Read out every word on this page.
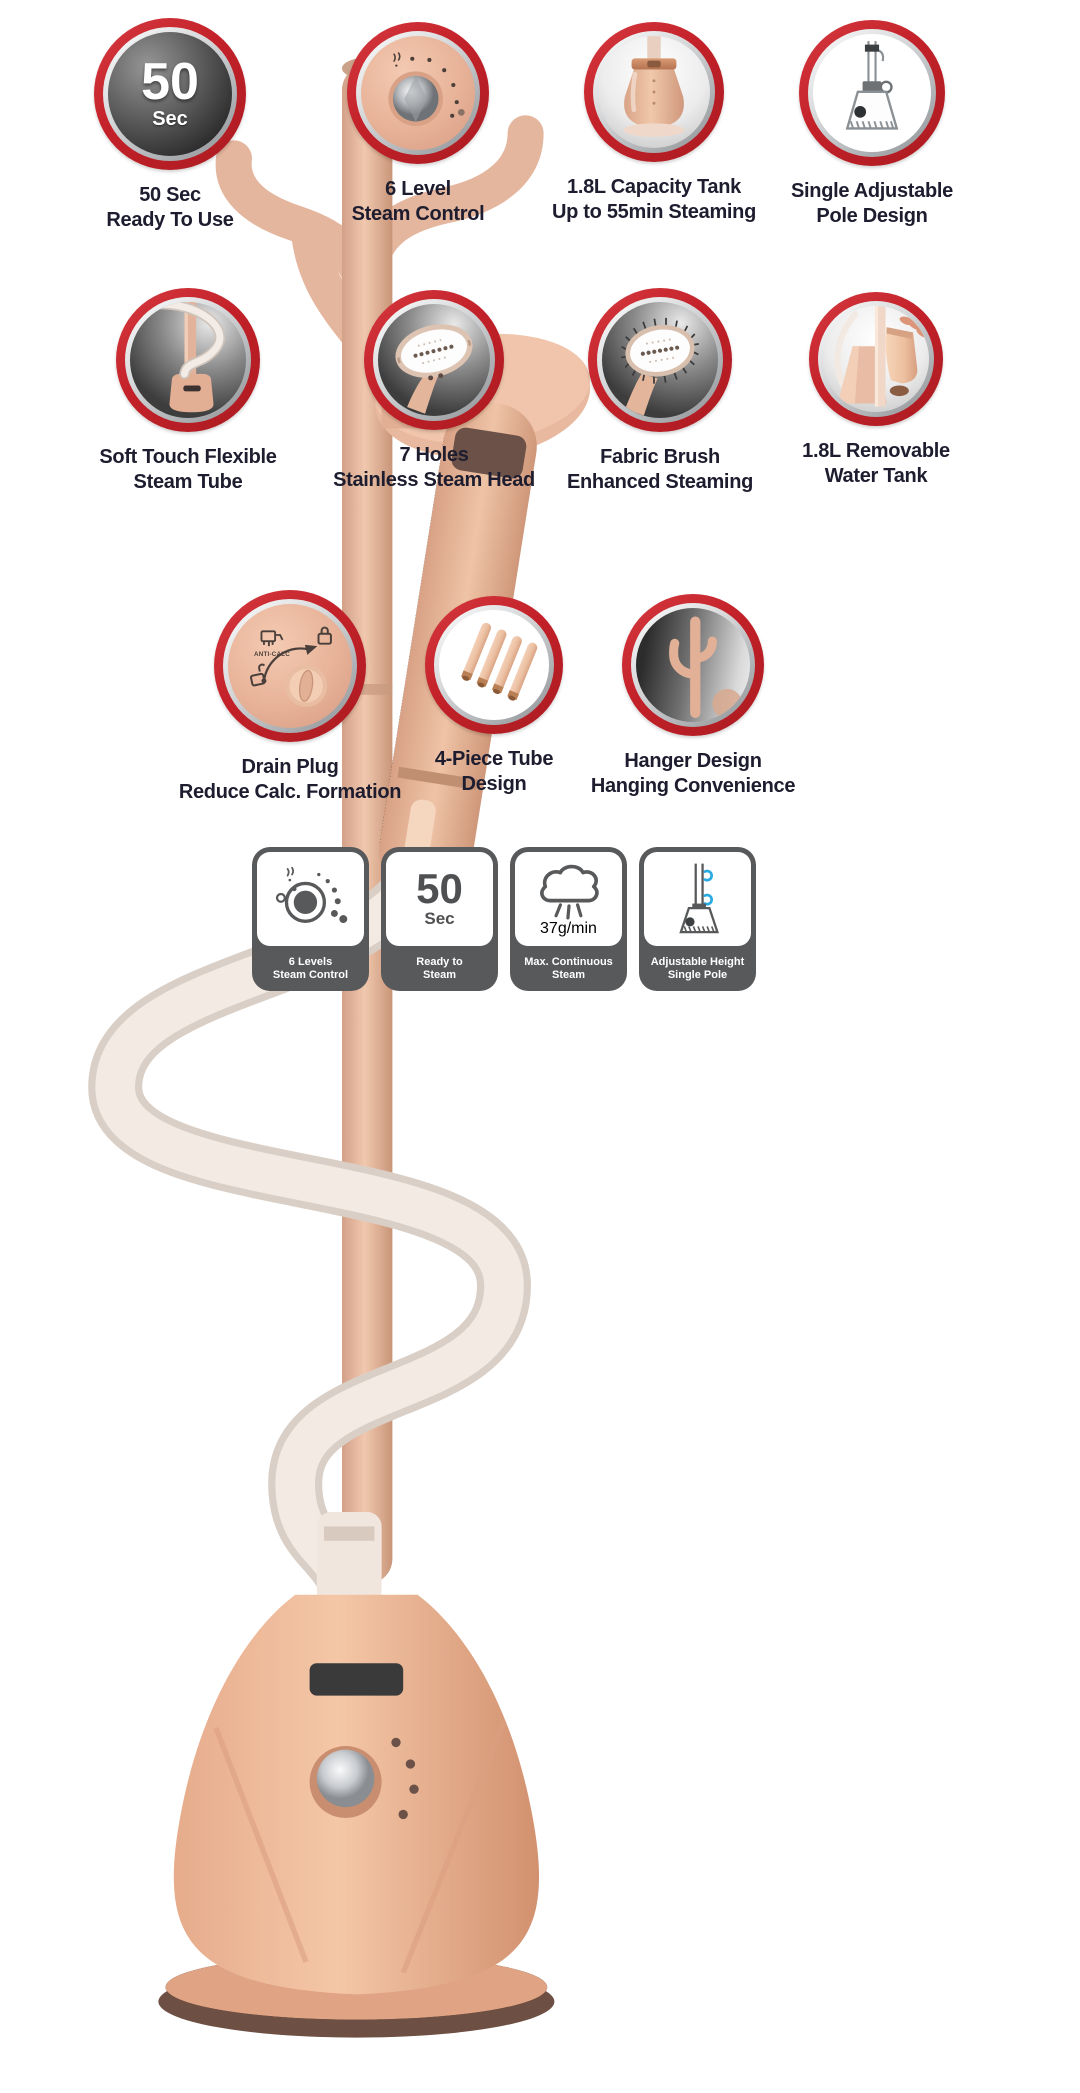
50
Sec
50 Sec
Ready To Use
6 Level
Steam Control
1.8L Capacity Tank
Up to 55min Steaming
Single Adjustable
Pole Design
Soft Touch Flexible
Steam Tube
7 Holes
Stainless Steam Head
Fabric Brush
Enhanced Steaming
1.8L Removable
Water Tank
ANTI-CALC
Drain Plug
Reduce Calc. Formation
4-Piece Tube
Design
Hanger Design
Hanging Convenience
6 Levels
Steam Control
50
Sec
Ready to
Steam
37 g/min
Max. Continuous
Steam
Adjustable Height
Single Pole
